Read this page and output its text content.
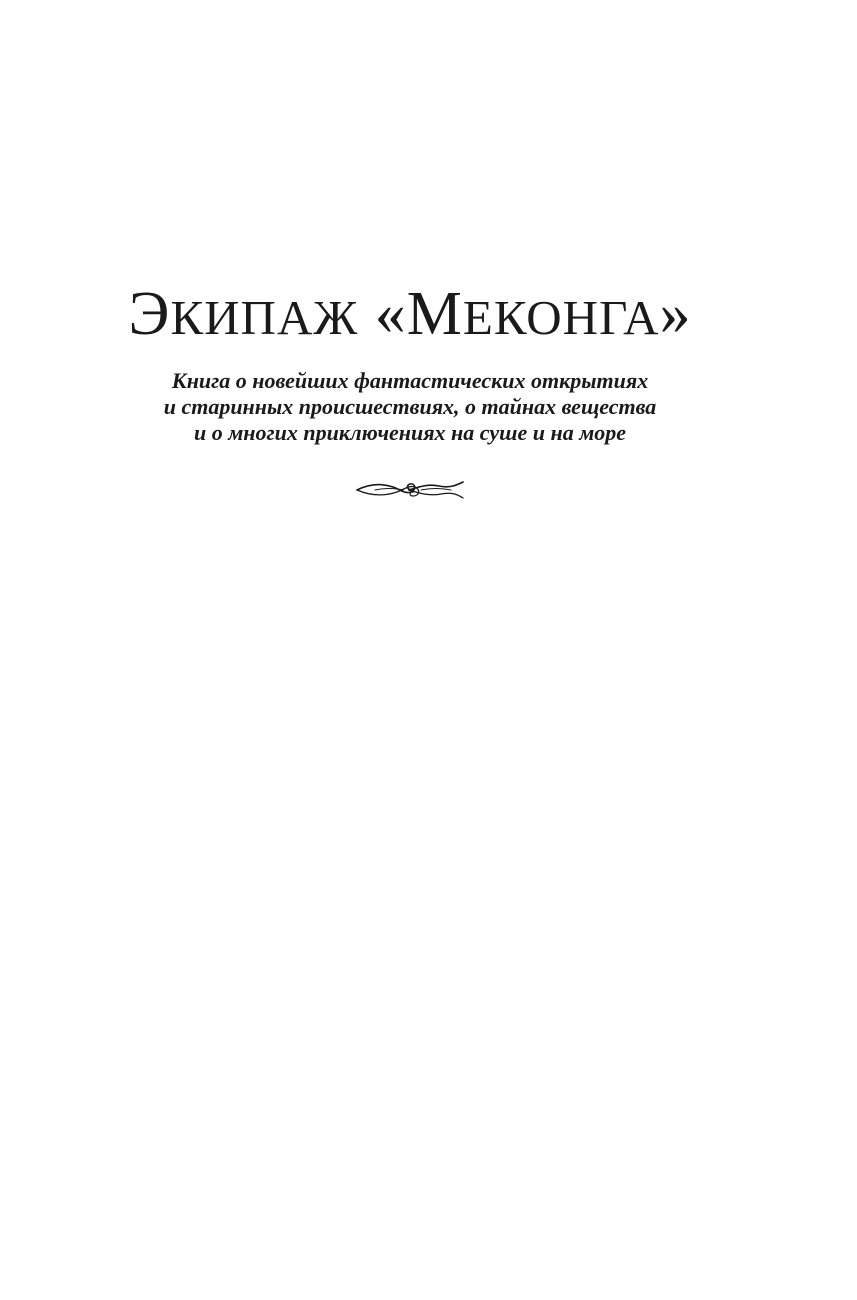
ЭКИПАЖ «МЕКОНГА»

Книга о новейших фантастических открытиях
и старинных происшествиях, о тайнах вещества
и о многих приключениях на суше и на море
